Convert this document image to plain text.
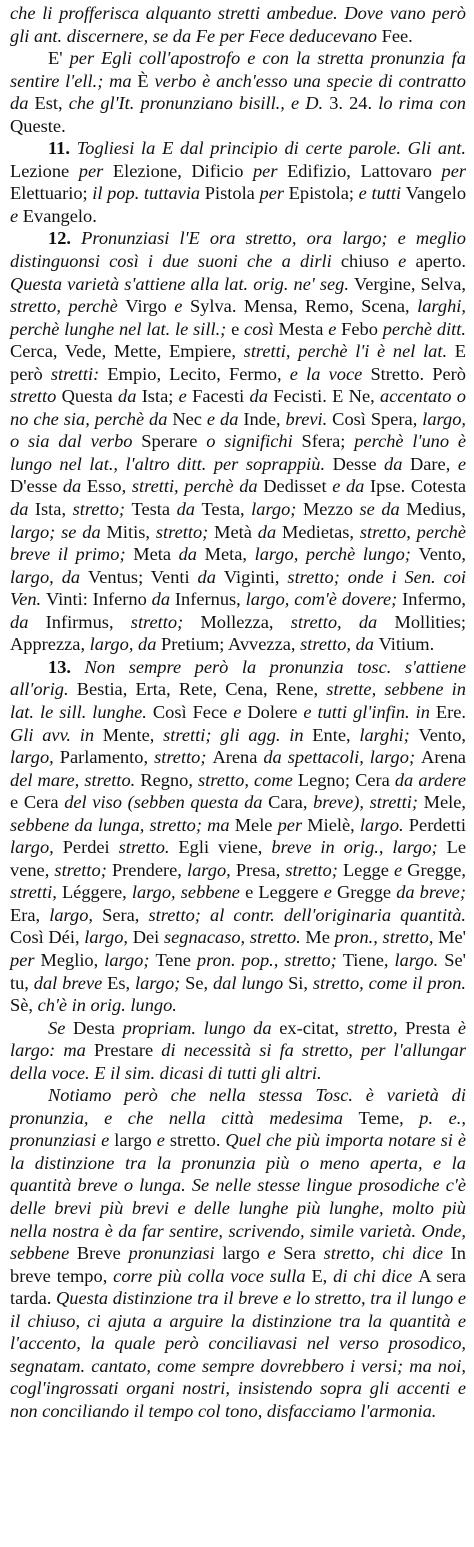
che li profferisca alquanto stretti ambedue. Dove vano però gli ant. discernere, se da Fe per Fece deducevano Fee.

E' per Egli coll'apostrofo e con la stretta pronunzia fa sentire l'ell.; ma È verbo è anch'esso una specie di contratto da Est, che gl'It. pronunziano bisill., e D. 3. 24. lo rima con Queste.

11. Togliesi la E dal principio di certe parole. Gli ant. Lezione per Elezione, Dificio per Edifizio, Lattovaro per Elettuario; il pop. tuttavia Pistola per Epistola; e tutti Vangelo e Evangelo.

12. Pronunziasi l'E ora stretto, ora largo; e meglio distinguonsi così i due suoni che a dirli chiuso e aperto. Questa varietà s'attiene alla lat. orig. ne' seg. Vergine, Selva, stretto, perchè Virgo e Sylva. Mensa, Remo, Scena, larghi, perchè lunghe nel lat. le sill.; e così Mesta e Febo perchè ditt. Cerca, Vede, Mette, Empiere, stretti, perchè l'i è nel lat. E però stretti: Empio, Lecito, Fermo, e la voce Stretto. Però stretto Questa da Ista; e Facesti da Fecisti. E Ne, accentato o no che sia, perchè da Nec e da Inde, brevi. Così Spera, largo, o sia dal verbo Sperare o significhi Sfera; perchè l'uno è lungo nel lat., l'altro ditt. per soprappiù. Desse da Dare, e D'esse da Esso, stretti, perchè da Dedisset e da Ipse. Cotesta da Ista, stretto; Testa da Testa, largo; Mezzo se da Medius, largo; se da Mitis, stretto; Metà da Medietas, stretto, perchè breve il primo; Meta da Meta, largo, perchè lungo; Vento, largo, da Ventus; Venti da Viginti, stretto; onde i Sen. coi Ven. Vinti: Inferno da Infernus, largo, com'è dovere; Infermo, da Infirmus, stretto; Mollezza, stretto, da Mollities; Apprezza, largo, da Pretium; Avvezza, stretto, da Vitium.

13. Non sempre però la pronunzia tosc. s'attiene all'orig. Bestia, Erta, Rete, Cena, Rene, strette, sebbene in lat. le sill. lunghe. Così Fece e Dolere e tutti gl'infin. in Ere. Gli avv. in Mente, stretti; gli agg. in Ente, larghi; Vento, largo, Parlamento, stretto; Arena da spettacoli, largo; Arena del mare, stretto. Regno, stretto, come Legno; Cera da ardere e Cera del viso (sebben questa da Cara, breve), stretti; Mele, sebbene da lunga, stretto; ma Mele per Mielè, largo. Perdetti largo, Perdei stretto. Egli viene, breve in orig., largo; Le vene, stretto; Prendere, largo, Presa, stretto; Legge e Gregge, stretti, Léggere, largo, sebbene e Leggere e Gregge da breve; Era, largo, Sera, stretto; al contr. dell'originaria quantità. Così Déi, largo, Dei segnacaso, stretto. Me pron., stretto, Me' per Meglio, largo; Tene pron. pop., stretto; Tiene, largo. Se' tu, dal breve Es, largo; Se, dal lungo Si, stretto, come il pron. Sè, ch'è in orig. lungo.

Se Desta propriam. lungo da ex-citat, stretto, Presta è largo: ma Prestare di necessità si fa stretto, per l'allungar della voce. E il sim. dicasi di tutti gli altri.

Notiamo però che nella stessa Tosc. è varietà di pronunzia, e che nella città medesima Teme, p. e., pronunziasi e largo e stretto. Quel che più importa notare si è la distinzione tra la pronunzia più o meno aperta, e la quantità breve o lunga. Se nelle stesse lingue prosodiche c'è delle brevi più brevi e delle lunghe più lunghe, molto più nella nostra è da far sentire, scrivendo, simile varietà. Onde, sebbene Breve pronunziasi largo e Sera stretto, chi dice In breve tempo, corre più colla voce sulla E, di chi dice A sera tarda. Questa distinzione tra il breve e lo stretto, tra il lungo e il chiuso, ci ajuta a arguire la distinzione tra la quantità e l'accento, la quale però conciliavasi nel verso prosodico, segnatam. cantato, come sempre dovrebbero i versi; ma noi, cogl'ingrossati organi nostri, insistendo sopra gli accenti e non conciliando il tempo col tono, disfacciamo l'armonia.
